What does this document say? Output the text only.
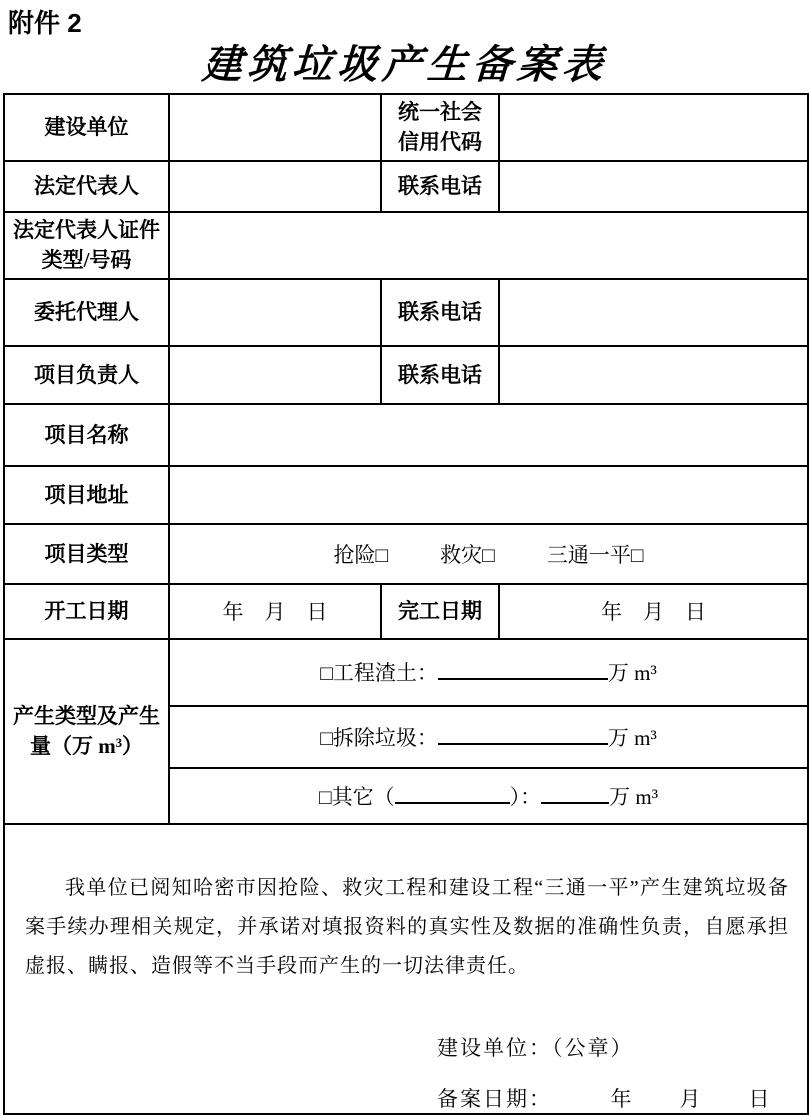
附件 2
建筑垃圾产生备案表
建设单位		统一社会信用代码	
法定代表人		联系电话	
法定代表人证件类型/号码			
委托代理人		联系电话	
项目负责人		联系电话	
项目名称			
项目地址			
项目类型	抢险□ 救灾□ 三通一平□		
开工日期	年　月　日	完工日期	年　月　日
产生类型及产生量（万 m³）	□工程渣土： 万 m³		
	□拆除垃圾： 万 m³		
	□其它（ ）： 万 m³		

我单位已阅知哈密市因抢险、救灾工程和建设工程“三通一平”产生建筑垃圾备案手续办理相关规定，并承诺对填报资料的真实性及数据的准确性负责，自愿承担虚报、瞒报、造假等不当手段而产生的一切法律责任。
建设单位：（公章）
备案日期：　　　年　　月　　日			
